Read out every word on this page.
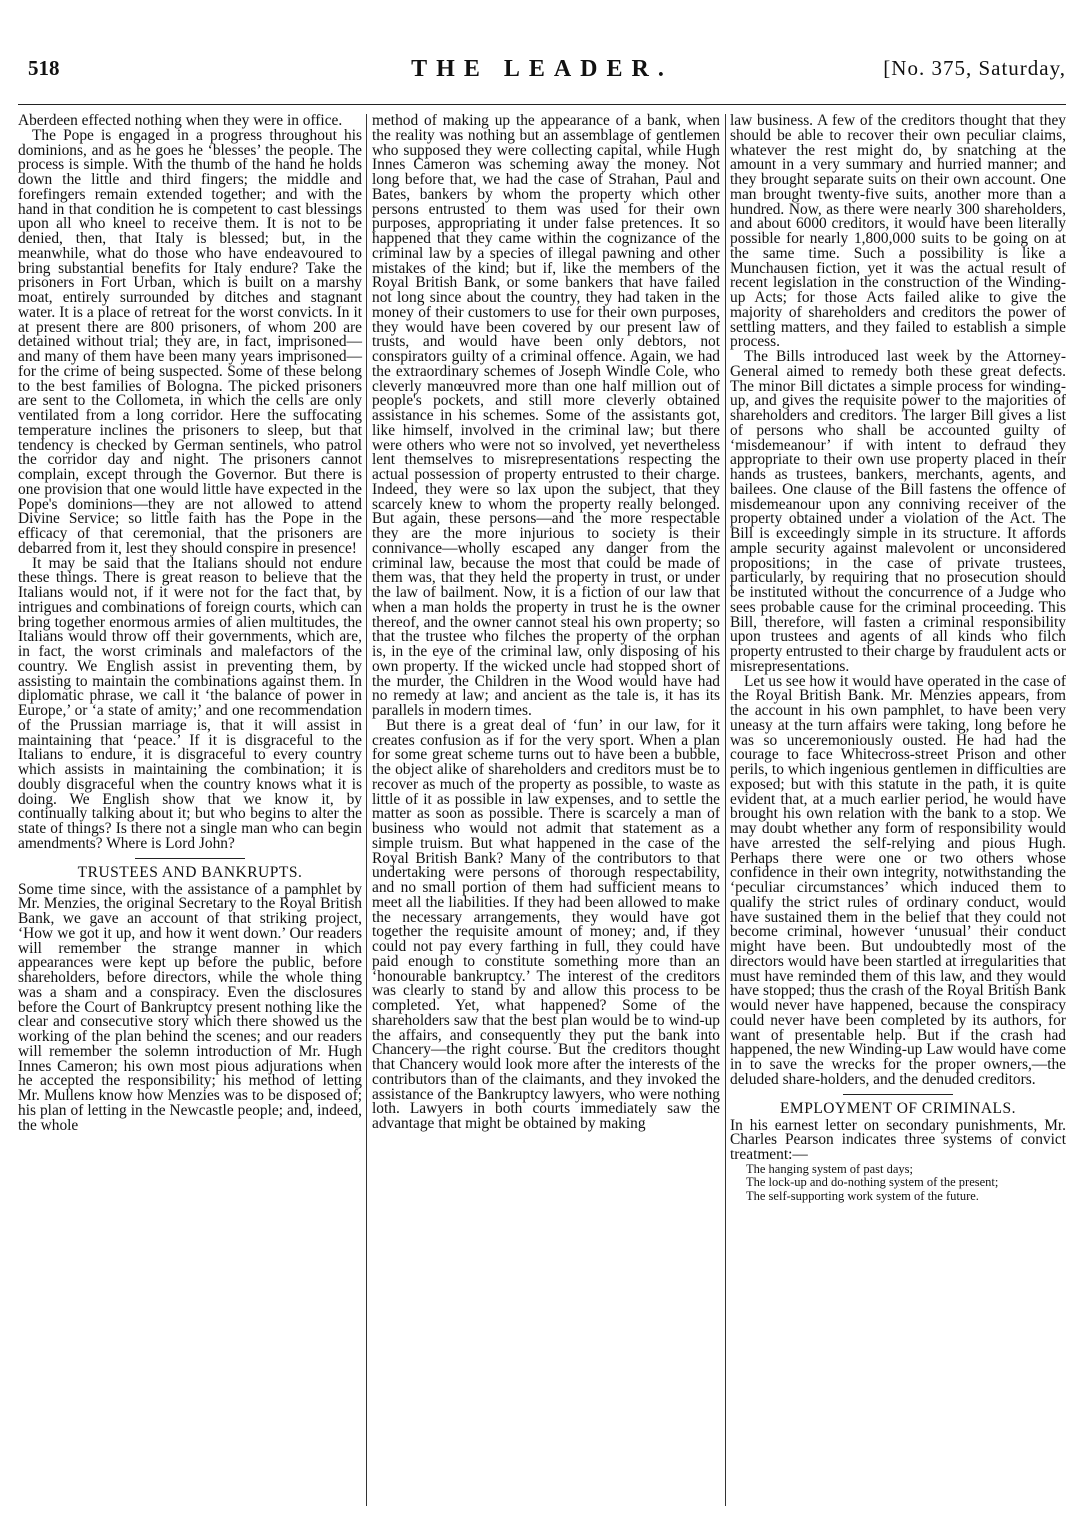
518	THE LEADER.	[No. 375, Saturday,

Aberdeen effected nothing when they were in office.

The Pope is engaged in a progress throughout his dominions, and as he goes he ‘blesses’ the people. The process is simple. With the thumb of the hand he holds down the little and third fingers; the middle and forefingers remain extended together; and with the hand in that condition he is competent to cast blessings upon all who kneel to receive them. It is not to be denied, then, that Italy is blessed; but, in the meanwhile, what do those who have endeavoured to bring substantial benefits for Italy endure? Take the prisoners in Fort Urban, which is built on a marshy moat, entirely surrounded by ditches and stagnant water. It is a place of retreat for the worst convicts. In it at present there are 800 prisoners, of whom 200 are detained without trial; they are, in fact, imprisoned—and many of them have been many years imprisoned—for the crime of being suspected. Some of these belong to the best families of Bologna. The picked prisoners are sent to the Collometa, in which the cells are only ventilated from a long corridor. Here the suffocating temperature inclines the prisoners to sleep, but that tendency is checked by German sentinels, who patrol the corridor day and night. The prisoners cannot complain, except through the Governor. But there is one provision that one would little have expected in the Pope's dominions—they are not allowed to attend Divine Service; so little faith has the Pope in the efficacy of that ceremonial, that the prisoners are debarred from it, lest they should conspire in presence!

It may be said that the Italians should not endure these things. There is great reason to believe that the Italians would not, if it were not for the fact that, by intrigues and combinations of foreign courts, which can bring together enormous armies of alien multitudes, the Italians would throw off their governments, which are, in fact, the worst criminals and malefactors of the country. We English assist in preventing them, by assisting to maintain the combinations against them. In diplomatic phrase, we call it ‘the balance of power in Europe,’ or ‘a state of amity;’ and one recommendation of the Prussian marriage is, that it will assist in maintaining that ‘peace.’ If it is disgraceful to the Italians to endure, it is disgraceful to every country which assists in maintaining the combination; it is doubly disgraceful when the country knows what it is doing. We English show that we know it, by continually talking about it; but who begins to alter the state of things? Is there not a single man who can begin amendments? Where is Lord John?

TRUSTEES AND BANKRUPTS.

Some time since, with the assistance of a pamphlet by Mr. Menzies, the original Secretary to the Royal British Bank, we gave an account of that striking project, ‘How we got it up, and how it went down.’ Our readers will remember the strange manner in which appearances were kept up before the public, before shareholders, before directors, while the whole thing was a sham and a conspiracy. Even the disclosures before the Court of Bankruptcy present nothing like the clear and consecutive story which there showed us the working of the plan behind the scenes; and our readers will remember the solemn introduction of Mr. Hugh Innes Cameron; his own most pious adjurations when he accepted the responsibility; his method of letting Mr. Mullens know how Menzies was to be disposed of; his plan of letting in the Newcastle people; and, indeed, the whole

method of making up the appearance of a bank, when the reality was nothing but an assemblage of gentlemen who supposed they were collecting capital, while Hugh Innes Cameron was scheming away the money. Not long before that, we had the case of Strahan, Paul and Bates, bankers by whom the property which other persons entrusted to them was used for their own purposes, appropriating it under false pretences. It so happened that they came within the cognizance of the criminal law by a species of illegal pawning and other mistakes of the kind; but if, like the members of the Royal British Bank, or some bankers that have failed not long since about the country, they had taken in the money of their customers to use for their own purposes, they would have been covered by our present law of trusts, and would have been only debtors, not conspirators guilty of a criminal offence. Again, we had the extraordinary schemes of Joseph Windle Cole, who cleverly manœuvred more than one half million out of people's pockets, and still more cleverly obtained assistance in his schemes. Some of the assistants got, like himself, involved in the criminal law; but there were others who were not so involved, yet nevertheless lent themselves to misrepresentations respecting the actual possession of property entrusted to their charge. Indeed, they were so lax upon the subject, that they scarcely knew to whom the property really belonged. But again, these persons—and the more respectable they are the more injurious to society is their connivance—wholly escaped any danger from the criminal law, because the most that could be made of them was, that they held the property in trust, or under the law of bailment. Now, it is a fiction of our law that when a man holds the property in trust he is the owner thereof, and the owner cannot steal his own property; so that the trustee who filches the property of the orphan is, in the eye of the criminal law, only disposing of his own property. If the wicked uncle had stopped short of the murder, the Children in the Wood would have had no remedy at law; and ancient as the tale is, it has its parallels in modern times.

But there is a great deal of ‘fun’ in our law, for it creates confusion as if for the very sport. When a plan for some great scheme turns out to have been a bubble, the object alike of shareholders and creditors must be to recover as much of the property as possible, to waste as little of it as possible in law expenses, and to settle the matter as soon as possible. There is scarcely a man of business who would not admit that statement as a simple truism. But what happened in the case of the Royal British Bank? Many of the contributors to that undertaking were persons of thorough respectability, and no small portion of them had sufficient means to meet all the liabilities. If they had been allowed to make the necessary arrangements, they would have got together the requisite amount of money; and, if they could not pay every farthing in full, they could have paid enough to constitute something more than an ‘honourable bankruptcy.’ The interest of the creditors was clearly to stand by and allow this process to be completed. Yet, what happened? Some of the shareholders saw that the best plan would be to wind-up the affairs, and consequently they put the bank into Chancery—the right course. But the creditors thought that Chancery would look more after the interests of the contributors than of the claimants, and they invoked the assistance of the Bankruptcy lawyers, who were nothing loth. Lawyers in both courts immediately saw the advantage that might be obtained by making

law business. A few of the creditors thought that they should be able to recover their own peculiar claims, whatever the rest might do, by snatching at the amount in a very summary and hurried manner; and they brought separate suits on their own account. One man brought twenty-five suits, another more than a hundred. Now, as there were nearly 300 shareholders, and about 6000 creditors, it would have been literally possible for nearly 1,800,000 suits to be going on at the same time. Such a possibility is like a Munchausen fiction, yet it was the actual result of recent legislation in the construction of the Winding-up Acts; for those Acts failed alike to give the majority of shareholders and creditors the power of settling matters, and they failed to establish a simple process.

The Bills introduced last week by the Attorney-General aimed to remedy both these great defects. The minor Bill dictates a simple process for winding-up, and gives the requisite power to the majorities of shareholders and creditors. The larger Bill gives a list of persons who shall be accounted guilty of ‘misdemeanour’ if with intent to defraud they appropriate to their own use property placed in their hands as trustees, bankers, merchants, agents, and bailees. One clause of the Bill fastens the offence of misdemeanour upon any conniving receiver of the property obtained under a violation of the Act. The Bill is exceedingly simple in its structure. It affords ample security against malevolent or unconsidered propositions; in the case of private trustees, particularly, by requiring that no prosecution should be instituted without the concurrence of a Judge who sees probable cause for the criminal proceeding. This Bill, therefore, will fasten a criminal responsibility upon trustees and agents of all kinds who filch property entrusted to their charge by fraudulent acts or misrepresentations.

Let us see how it would have operated in the case of the Royal British Bank. Mr. Menzies appears, from the account in his own pamphlet, to have been very uneasy at the turn affairs were taking, long before he was so unceremoniously ousted. He had had the courage to face Whitecross-street Prison and other perils, to which ingenious gentlemen in difficulties are exposed; but with this statute in the path, it is quite evident that, at a much earlier period, he would have brought his own relation with the bank to a stop. We may doubt whether any form of responsibility would have arrested the self-relying and pious Hugh. Perhaps there were one or two others whose confidence in their own integrity, notwithstanding the ‘peculiar circumstances’ which induced them to qualify the strict rules of ordinary conduct, would have sustained them in the belief that they could not become criminal, however ‘unusual’ their conduct might have been. But undoubtedly most of the directors would have been startled at irregularities that must have reminded them of this law, and they would have stopped; thus the crash of the Royal British Bank would never have happened, because the conspiracy could never have been completed by its authors, for want of presentable help. But if the crash had happened, the new Winding-up Law would have come in to save the wrecks for the proper owners,—the deluded share-holders, and the denuded creditors.

EMPLOYMENT OF CRIMINALS.

In his earnest letter on secondary punishments, Mr. Charles Pearson indicates three systems of convict treatment:—

The hanging system of past days;
The lock-up and do-nothing system of the present;
The self-supporting work system of the future.
